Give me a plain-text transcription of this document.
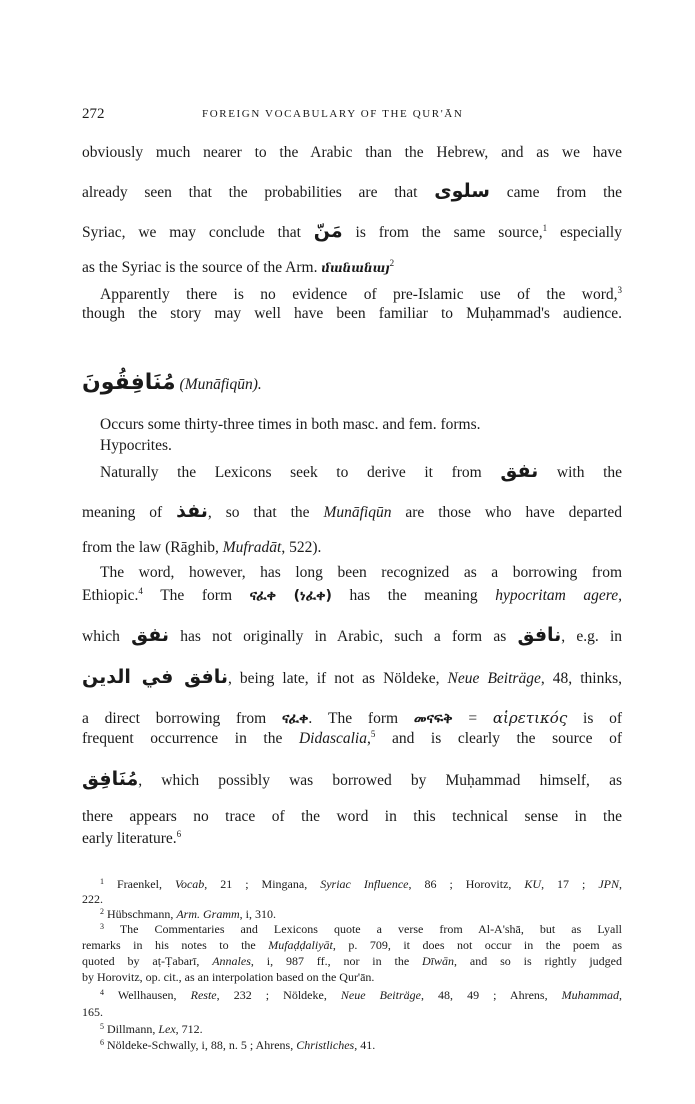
272	FOREIGN VOCABULARY OF THE QUR'ĀN
obviously much nearer to the Arabic than the Hebrew, and as we have
already seen that the probabilities are that سلوى came from the
Syriac, we may conclude that مَنّ is from the same source,$^1$ especially
as the Syriac is the source of the Arm. մանանայ$^2$
Apparently there is no evidence of pre-Islamic use of the word,$^3$
though the story may well have been familiar to Muḥammad's audience.
مُنَافِقُونَ (Munāfiqūn).
Occurs some thirty-three times in both masc. and fem. forms.
Hypocrites.
Naturally the Lexicons seek to derive it from نفق with the
meaning of نفذ, so that the Munāfiqūn are those who have departed
from the law (Rāghib, Mufradāt, 522).
The word, however, has long been recognized as a borrowing from
Ethiopic.$^4$ The form ናፈቀ (ነፈቀ) has the meaning hypocritam agere,
which نفق has not originally in Arabic, such a form as نافق, e.g. in
نافق في الدين, being late, if not as Nöldeke, Neue Beiträge, 48, thinks,
a direct borrowing from ናፈቀ. The form መናፍቅ = αἱρετικός is of
frequent occurrence in the Didascalia,$^5$ and is clearly the source of
مُنَافِق, which possibly was borrowed by Muḥammad himself, as
there appears no trace of the word in this technical sense in the
early literature.$^6$
$^1$ Fraenkel, Vocab, 21 ; Mingana, Syriac Influence, 86 ; Horovitz, KU, 17 ; JPN,
222.
$^2$ Hübschmann, Arm. Gramm, i, 310.
$^3$ The Commentaries and Lexicons quote a verse from Al-A'shā, but as Lyall
remarks in his notes to the Mufaḍḍaliyāt, p. 709, it does not occur in the poem as
quoted by aṭ-Ṭabarī, Annales, i, 987 ff., nor in the Dīwān, and so is rightly judged
by Horovitz, op. cit., as an interpolation based on the Qur'ān.
$^4$ Wellhausen, Reste, 232 ; Nöldeke, Neue Beiträge, 48, 49 ; Ahrens, Muhammad,
165.
$^5$ Dillmann, Lex, 712.
$^6$ Nöldeke-Schwally, i, 88, n. 5 ; Ahrens, Christliches, 41.
